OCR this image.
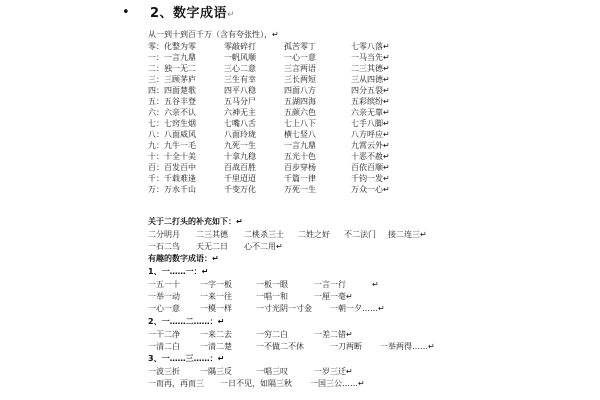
• 2、数字成语↵
从一到十到百千万（含有夸张性），↵
零：化整为零	零敲碎打	孤苦零丁	七零八落↵
一：一言九鼎	一帆风顺	一心一意	一马当先↵
二：独一无二	三心二意	三言两语	二三其德↵
三：三顾茅庐	三生有幸	三长两短	三从四德↵
四：四面楚歌	四平八稳	四面八方	四分五裂↵
五：五谷丰登	五马分尸	五湖四海	五彩缤纷↵
六：六亲不认	六神无主	五颜六色	六亲无靠↵
七：七窍生烟	七嘴八舌	七上八下	七手八脚↵
八：八面威风	八面玲珑	横七竖八	八方呼应↵
九：九牛一毛	九死一生	一言九鼎	九霄云外↵
十：十全十美	十拿九稳	五光十色	十恶不赦↵
百：百发百中	百战百胜	百步穿杨	百依百顺↵
千：千载难逢	千里迢迢	千篇一律	千钧一发↵
万：万水千山	千变万化	万死一生	万众一心↵
关于二打头的补充如下：↵
二分明月 二三其德 二桃杀三士 二姓之好 不二法门 接二连三↵
一石二鸟 天无二日 心不二用↵
有趣的数字成语：↵
1、一……一：↵
一五一十	一字一板	一板一眼	一言一行	↵
一举一动	一来一往	一唱一和	一厘一毫↵
一心一意	一模一样	一寸光阴一寸金 一朝一夕……↵
2、一……二……：↵
一干二净	一来二去	一穷二白	一差二错↵
一清二白	一清二楚	一不做二不休	一刀两断 一举两得……↵
3、一……三……：↵
一波三折	一隅三反	一唱三叹	一岁三迁↵
一而再，再而三 一日不见，如隔三秋 一国三公……↵
